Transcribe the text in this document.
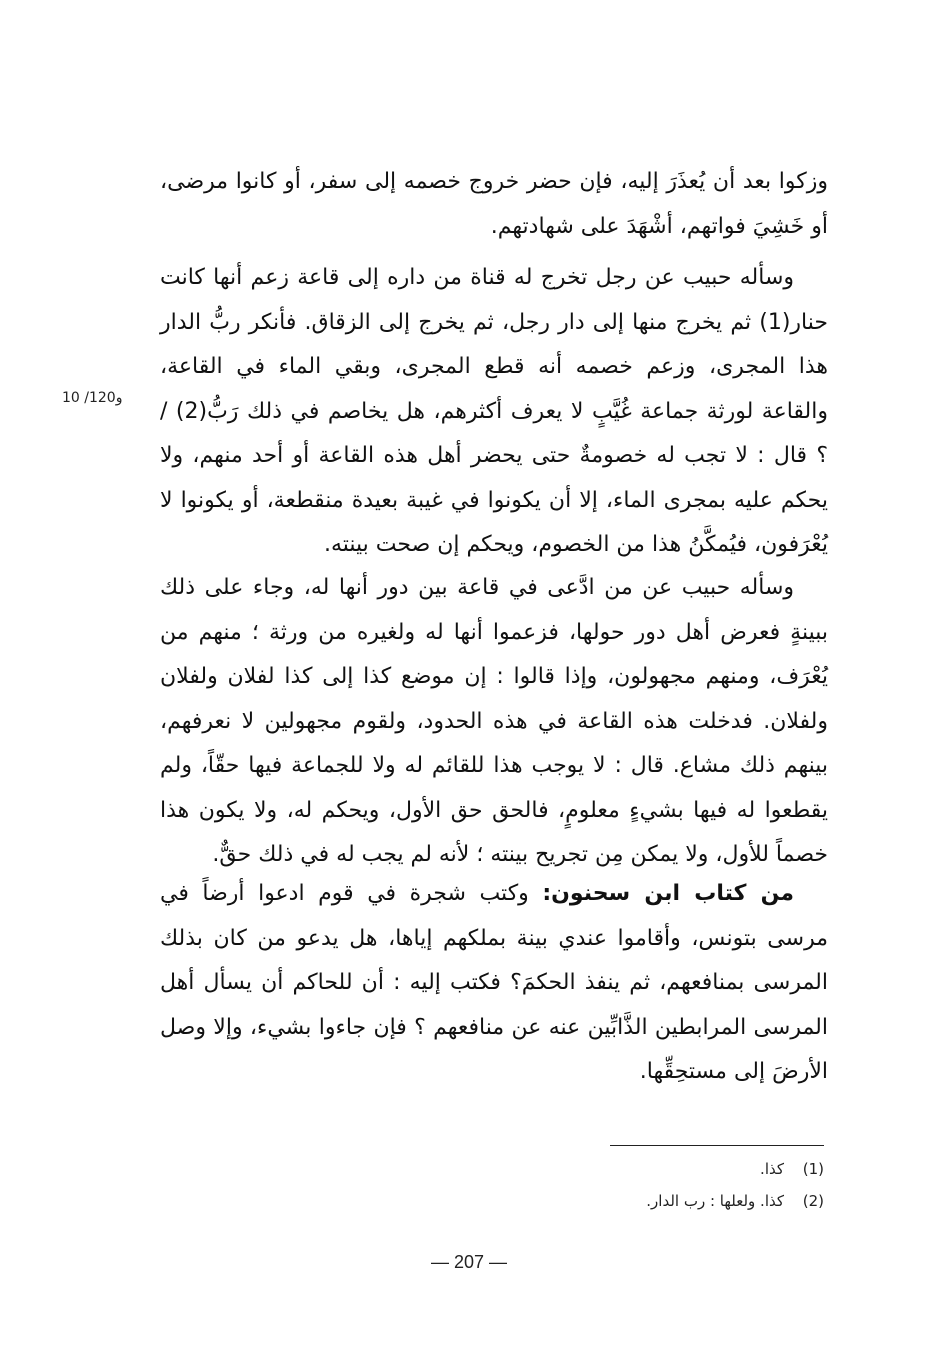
وزكوا بعد أن يُعذَرَ إليه، فإن حضر خروج خصمه إلى سفر، أو كانوا مرضى، أو خَشِيَ فواتهم، أشْهَدَ على شهادتهم.

وسأله حبيب عن رجل تخرج له قناة من داره إلى قاعة زعم أنها كانت حنار(1) ثم يخرج منها إلى دار رجل، ثم يخرج إلى الزقاق. فأنكر ربُّ الدار هذا المجرى، وزعم خصمه أنه قطع المجرى، وبقي الماء في القاعة، والقاعة لورثة جماعة غُيَّبٍ لا يعرف أكثرهم، هل يخاصم في ذلك رَبُّ(2) / ؟ قال : لا تجب له خصومةٌ حتى يحضر أهل هذه القاعة أو أحد منهم، ولا يحكم عليه بمجرى الماء، إلا أن يكونوا في غيبة بعيدة منقطعة، أو يكونوا لا يُعْرَفون، فيُمكَّنُ هذا من الخصوم، ويحكم إن صحت بينته.

10 /120و

وسأله حبيب عن من ادَّعى في قاعة بين دور أنها له، وجاء على ذلك ببينةٍ فعرض أهل دور حولها، فزعموا أنها له ولغيره من ورثة ؛ منهم من يُعْرَف، ومنهم مجهولون، وإذا قالوا : إن موضع كذا إلى كذا لفلان ولفلان ولفلان. فدخلت هذه القاعة في هذه الحدود، ولقوم مجهولين لا نعرفهم، بينهم ذلك مشاع. قال : لا يوجب هذا للقائم له ولا للجماعة فيها حقّاً، ولم يقطعوا له فيها بشيءٍ معلومٍ، فالحق حق الأول، ويحكم له، ولا يكون هذا خصماً للأول، ولا يمكن مِن تجريح بينته ؛ لأنه لم يجب له في ذلك حقٌّ.

من كتاب ابن سحنون: وكتب شجرة في قوم ادعوا أرضاً في مرسى بتونس، وأقاموا عندي بينة بملكهم إياها، هل يدعو من كان بذلك المرسى بمنافعهم، ثم ينفذ الحكمَ؟ فكتب إليه : أن للحاكم أن يسأل أهل المرسى المرابطين الذَّابِّين عنه عن منافعهم ؟ فإن جاءوا بشيء، وإلا وصل الأرضَ إلى مستحِقِّها.

(1)كذا.
(2)كذا. ولعلها : رب الدار.
— 207 —
